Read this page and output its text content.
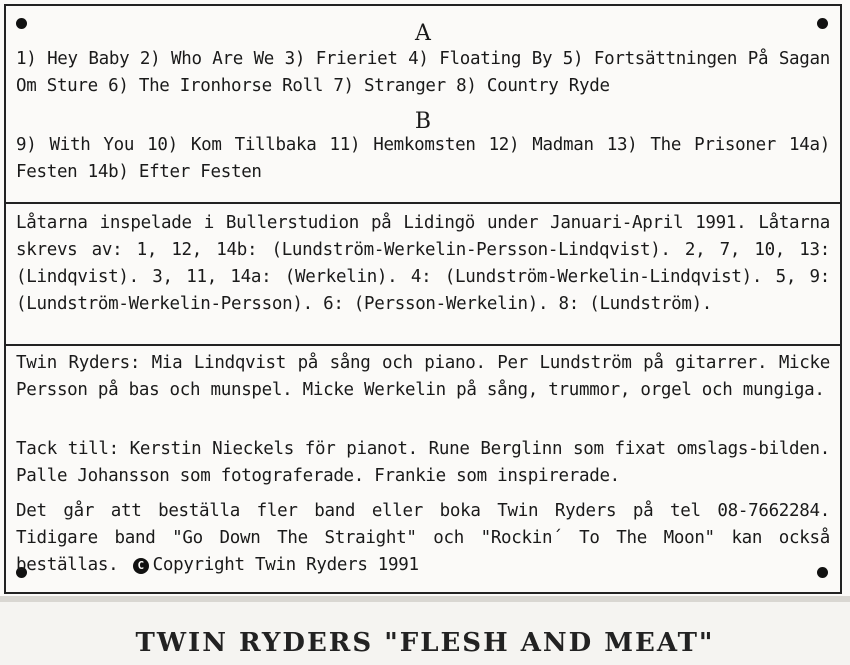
A

1) Hey Baby 2) Who Are We 3) Frieriet 4) Floating By 5) Fortsättningen På Sagan Om Sture 6) The Ironhorse Roll 7) Stranger 8) Country Ryde

B

9) With You 10) Kom Tillbaka 11) Hemkomsten 12) Madman 13) The Prisoner 14a) Festen 14b) Efter Festen

Låtarna inspelade i Bullerstudion på Lidingö under Januari-April 1991. Låtarna skrevs av: 1, 12, 14b: (Lundström-Werkelin-Persson-Lindqvist). 2, 7, 10, 13: (Lindqvist). 3, 11, 14a: (Werkelin). 4: (Lundström-Werkelin-Lindqvist). 5, 9: (Lundström-Werkelin-Persson). 6: (Persson-Werkelin). 8: (Lundström).

Twin Ryders: Mia Lindqvist på sång och piano. Per Lundström på gitarrer. Micke Persson på bas och munspel. Micke Werkelin på sång, trummor, orgel och mungiga.

Tack till: Kerstin Nieckels för pianot. Rune Berglinn som fixat omslags-bilden. Palle Johansson som fotograferade. Frankie som inspirerade.

Det går att beställa fler band eller boka Twin Ryders på tel 08-7662284. Tidigare band "Go Down The Straight" och "Rockin´ To The Moon" kan också beställas. C Copyright Twin Ryders 1991

TWIN RYDERS "FLESH AND MEAT"
